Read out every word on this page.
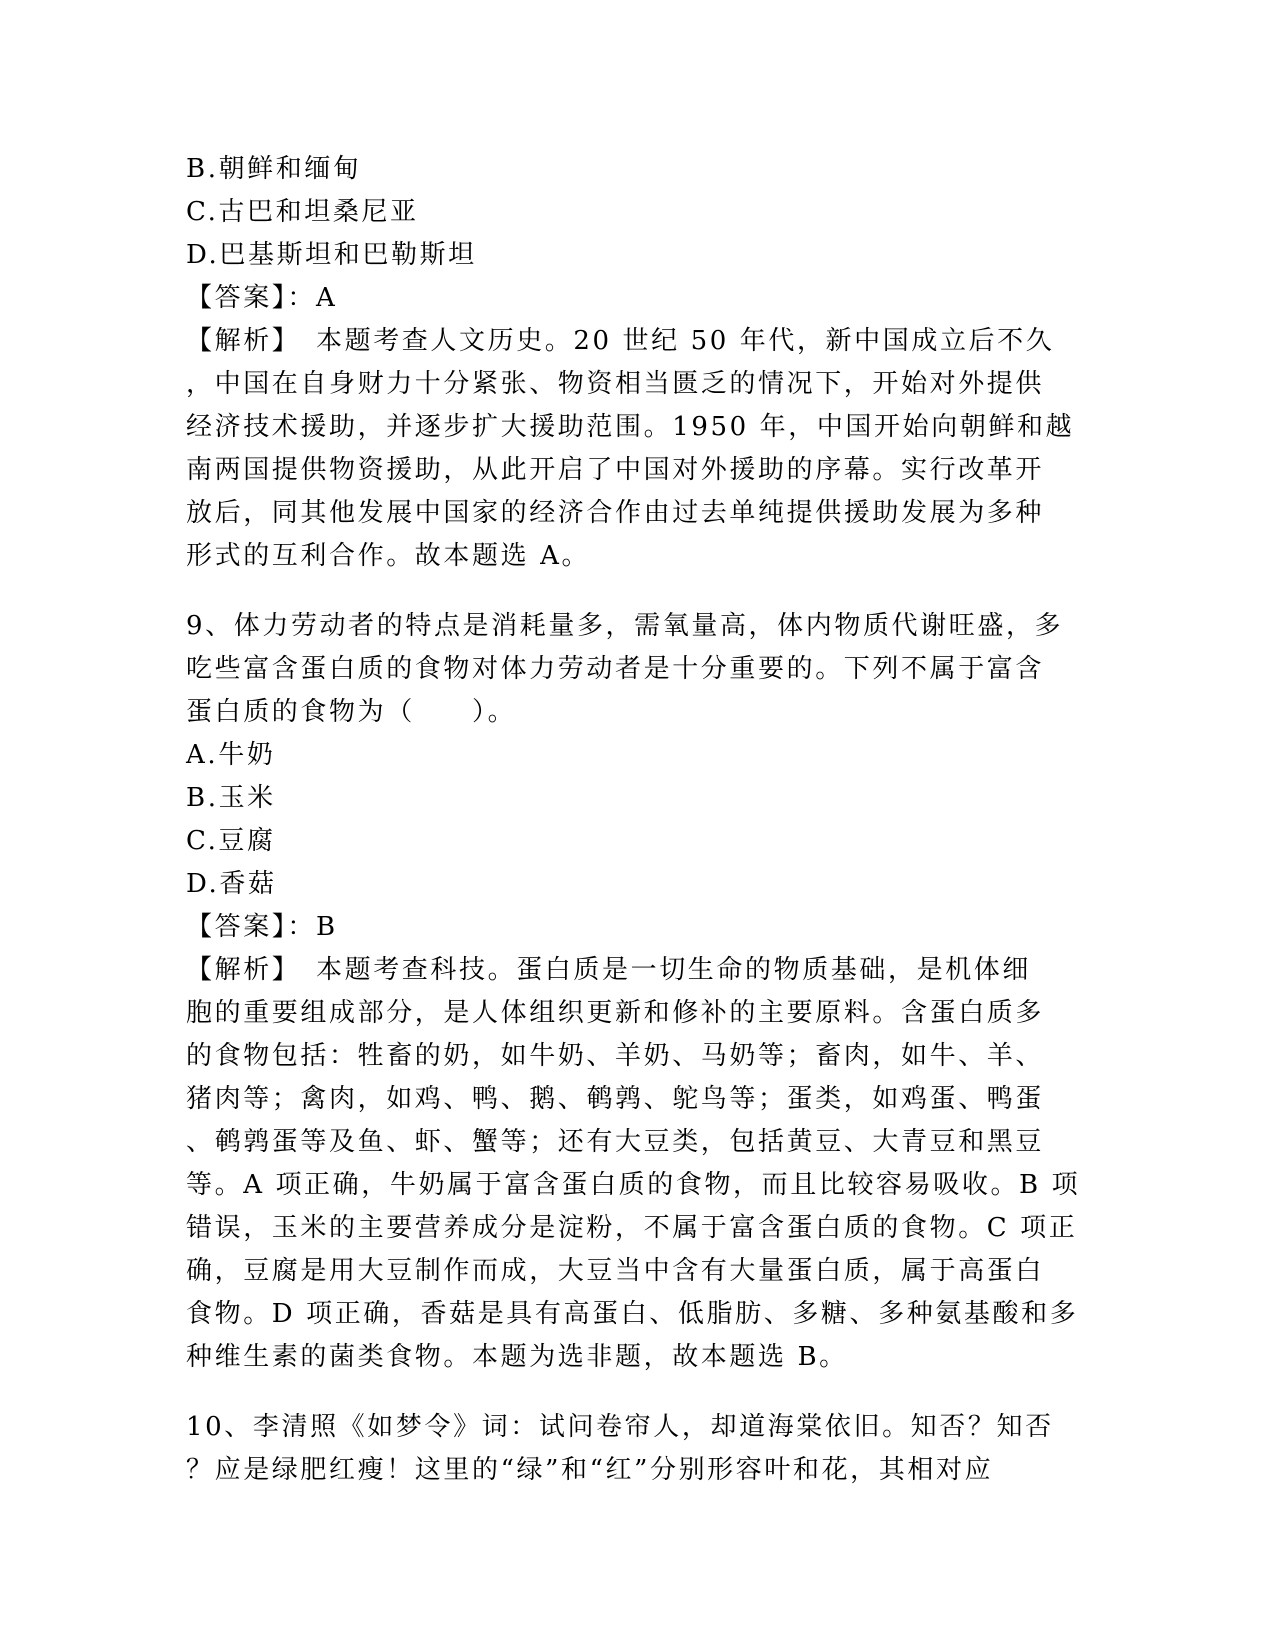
B.朝鲜和缅甸
C.古巴和坦桑尼亚
D.巴基斯坦和巴勒斯坦
【答案】：A
【解析】　本题考查人文历史。20 世纪 50 年代，新中国成立后不久
，中国在自身财力十分紧张、物资相当匮乏的情况下，开始对外提供
经济技术援助，并逐步扩大援助范围。1950 年，中国开始向朝鲜和越
南两国提供物资援助，从此开启了中国对外援助的序幕。实行改革开
放后，同其他发展中国家的经济合作由过去单纯提供援助发展为多种
形式的互利合作。故本题选 A。
9、体力劳动者的特点是消耗量多，需氧量高，体内物质代谢旺盛，多
吃些富含蛋白质的食物对体力劳动者是十分重要的。下列不属于富含
蛋白质的食物为（　　）。
A.牛奶
B.玉米
C.豆腐
D.香菇
【答案】：B
【解析】　本题考查科技。蛋白质是一切生命的物质基础，是机体细
胞的重要组成部分，是人体组织更新和修补的主要原料。含蛋白质多
的食物包括：牲畜的奶，如牛奶、羊奶、马奶等；畜肉，如牛、羊、
猪肉等；禽肉，如鸡、鸭、鹅、鹌鹑、鸵鸟等；蛋类，如鸡蛋、鸭蛋
、鹌鹑蛋等及鱼、虾、蟹等；还有大豆类，包括黄豆、大青豆和黑豆
等。A 项正确，牛奶属于富含蛋白质的食物，而且比较容易吸收。B 项
错误，玉米的主要营养成分是淀粉，不属于富含蛋白质的食物。C 项正
确，豆腐是用大豆制作而成，大豆当中含有大量蛋白质，属于高蛋白
食物。D 项正确，香菇是具有高蛋白、低脂肪、多糖、多种氨基酸和多
种维生素的菌类食物。本题为选非题，故本题选 B。
10、李清照《如梦令》词：试问卷帘人，却道海棠依旧。知否？知否
？应是绿肥红瘦！这里的“绿”和“红”分别形容叶和花，其相对应
